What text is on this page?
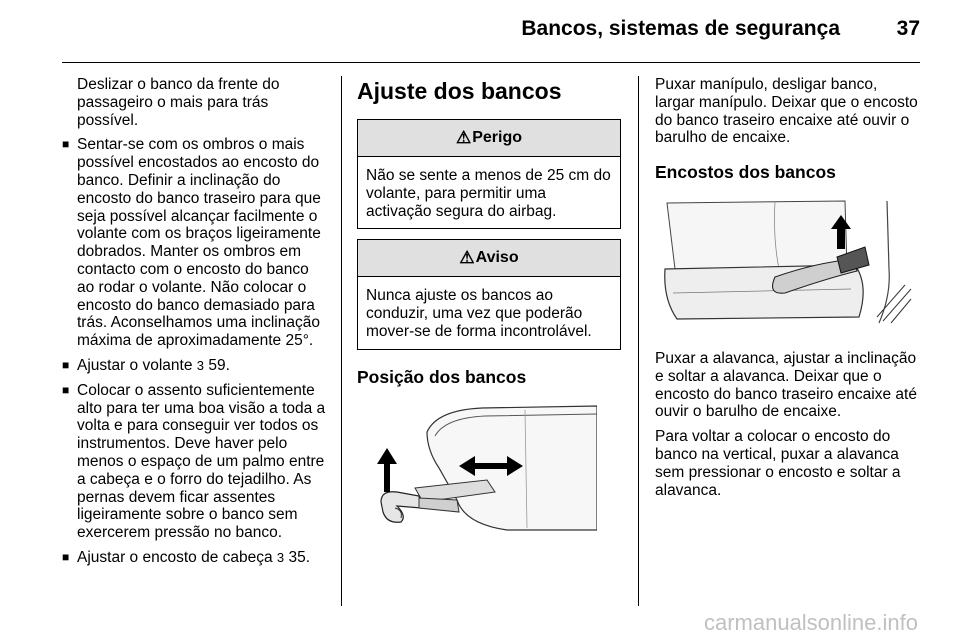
Bancos, sistemas de segurança	37
Deslizar o banco da frente do passageiro o mais para trás possível.
■ Sentar-se com os ombros o mais possível encostados ao encosto do banco. Definir a inclinação do encosto do banco traseiro para que seja possível alcançar facilmente o volante com os braços ligeiramente dobrados. Manter os ombros em contacto com o encosto do banco ao rodar o volante. Não colocar o encosto do banco demasiado para trás. Aconselhamos uma inclinação máxima de aproximadamente 25°.
■ Ajustar o volante 3 59.
■ Colocar o assento suficientemente alto para ter uma boa visão a toda a volta e para conseguir ver todos os instrumentos. Deve haver pelo menos o espaço de um palmo entre a cabeça e o forro do tejadilho. As pernas devem ficar assentes ligeiramente sobre o banco sem exercerem pressão no banco.
■ Ajustar o encosto de cabeça 3 35.
Ajuste dos bancos
⚠ Perigo
Não se sente a menos de 25 cm do volante, para permitir uma activação segura do airbag.
⚠ Aviso
Nunca ajuste os bancos ao conduzir, uma vez que poderão mover-se de forma incontrolável.
Posição dos bancos

Puxar manípulo, desligar banco, largar manípulo. Deixar que o encosto do banco traseiro encaixe até ouvir o barulho de encaixe.

Encostos dos bancos

Puxar a alavanca, ajustar a inclinação e soltar a alavanca. Deixar que o encosto do banco traseiro encaixe até ouvir o barulho de encaixe.

Para voltar a colocar o encosto do banco na vertical, puxar a alavanca sem pressionar o encosto e soltar a alavanca.

carmanualsonline.info
